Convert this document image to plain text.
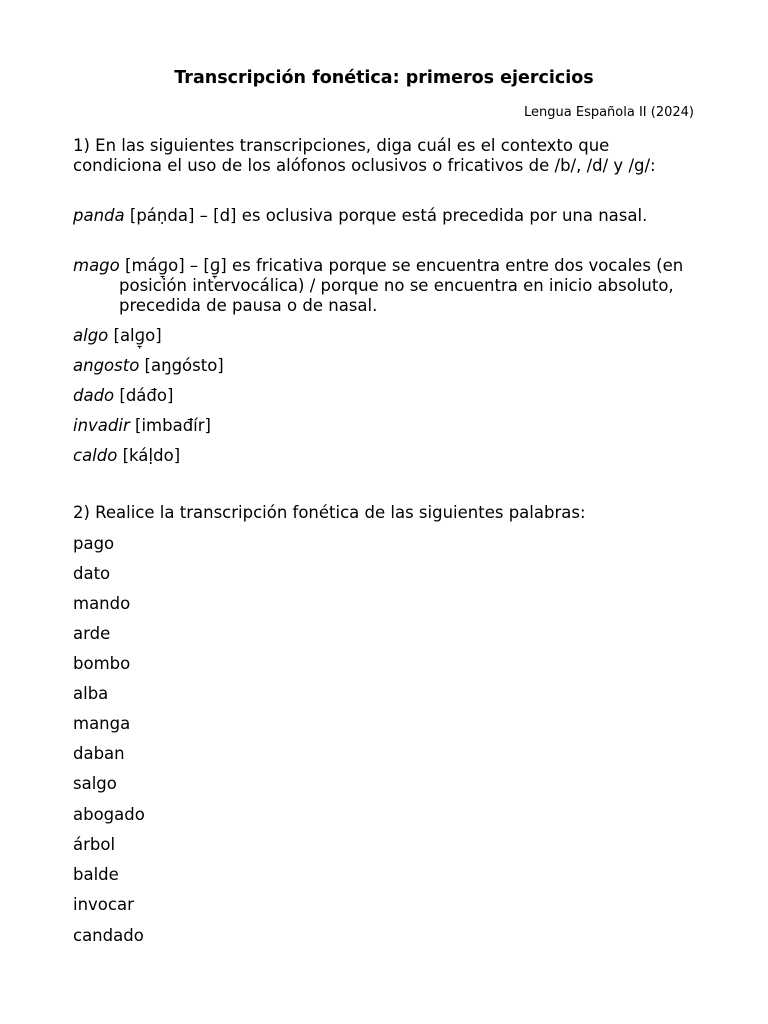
Transcripción fonética: primeros ejercicios
Lengua Española II (2024)
1) En las siguientes transcripciones, diga cuál es el contexto que condiciona el uso de los alófonos oclusivos o fricativos de /b/, /d/ y /g/:
panda [páṇda] – [d] es oclusiva porque está precedida por una nasal.
mago [máɡ̞o] – [ɡ̞] es fricativa porque se encuentra entre dos vocales (en posición intervocálica) / porque no se encuentra en inicio absoluto, precedida de pausa o de nasal.
algo [alɡ̞o]
angosto [aŋgósto]
dado [dáđo]
invadir [imbađír]
caldo [káḷdo]
2) Realice la transcripción fonética de las siguientes palabras:
pago
dato
mando
arde
bombo
alba
manga
daban
salgo
abogado
árbol
balde
invocar
candado
